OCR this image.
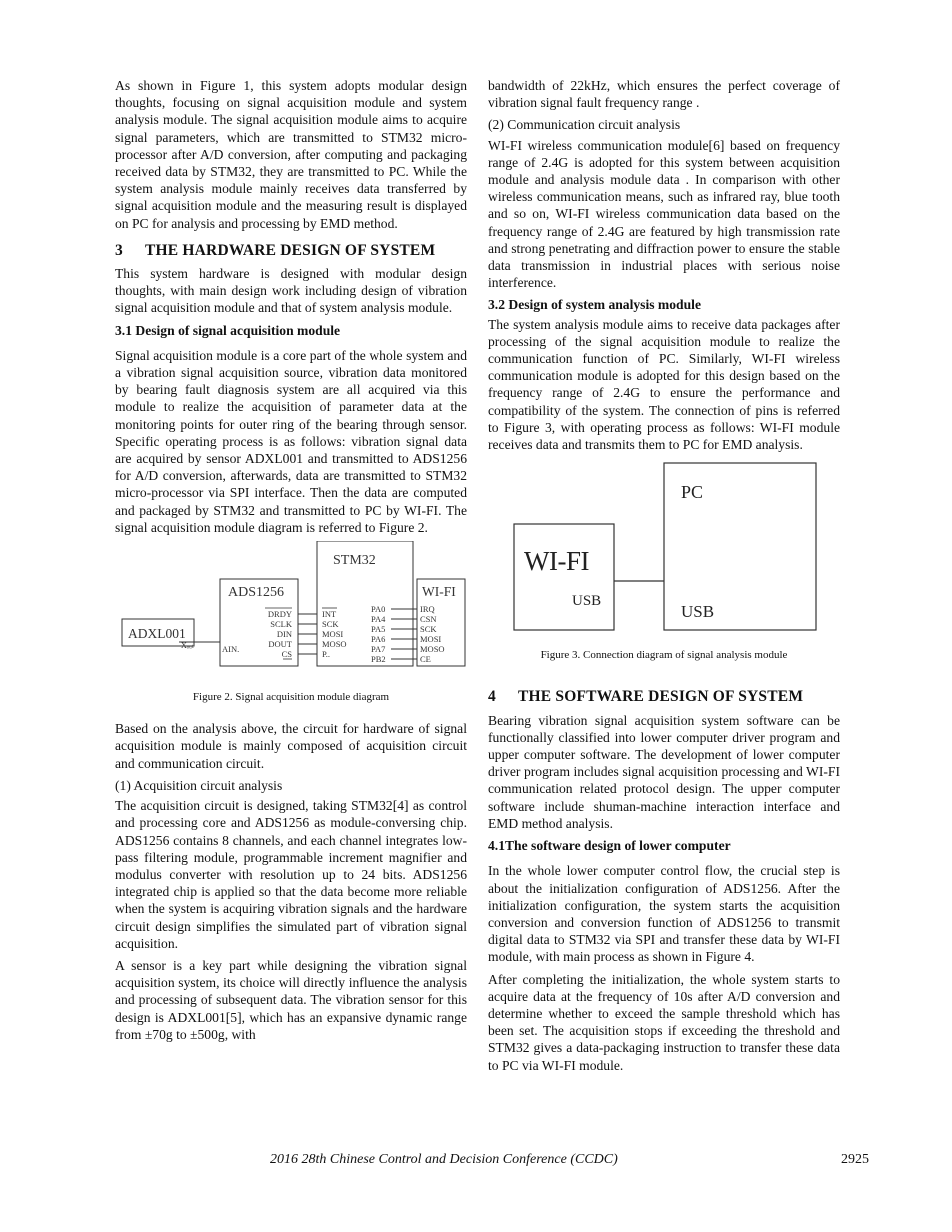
As shown in Figure 1, this system adopts modular design thoughts, focusing on signal acquisition module and system analysis module. The signal acquisition module aims to acquire signal parameters, which are transmitted to STM32 micro-processor after A/D conversion, after computing and packaging received data by STM32, they are transmitted to PC. While the system analysis module mainly receives data transferred by signal acquisition module and the measuring result is displayed on PC for analysis and processing by EMD method.

3 THE HARDWARE DESIGN OF SYSTEM

This system hardware is designed with modular design thoughts, with main design work including design of vibration signal acquisition module and that of system analysis module.

3.1 Design of signal acquisition module

Signal acquisition module is a core part of the whole system and a vibration signal acquisition source, vibration data monitored by bearing fault diagnosis system are all acquired via this module to realize the acquisition of parameter data at the monitoring points for outer ring of the bearing through sensor. Specific operating process is as follows: vibration signal data are acquired by sensor ADXL001 and transmitted to ADS1256 for A/D conversion, afterwards, data are transmitted to STM32 micro-processor via SPI interface. Then the data are computed and packaged by STM32 and transmitted to PC by WI-FI. The signal acquisition module diagram is referred to Figure 2.

STM32
ADS1256	WI-FI
ADXL001
Xₒᵤₜ	AIN.
DRDY
SCLK
DIN
DOUT
CS
INT
SCK
MOSI
MOSO
P..
PA0
PA4
PA5
PA6
PA7
PB2
IRQ
CSN
SCK
MOSI
MOSO
CE
Figure 2. Signal acquisition module diagram

Based on the analysis above, the circuit for hardware of signal acquisition module is mainly composed of acquisition circuit and communication circuit.

(1) Acquisition circuit analysis

The acquisition circuit is designed, taking STM32[4] as control and processing core and ADS1256 as module-conversing chip. ADS1256 contains 8 channels, and each channel integrates low-pass filtering module, programmable increment magnifier and modulus converter with resolution up to 24 bits. ADS1256 integrated chip is applied so that the data become more reliable when the system is acquiring vibration signals and the hardware circuit design simplifies the simulated part of vibration signal acquisition.

A sensor is a key part while designing the vibration signal acquisition system, its choice will directly influence the analysis and processing of subsequent data. The vibration sensor for this design is ADXL001[5], which has an expansive dynamic range from ±70g to ±500g, with

bandwidth of 22kHz, which ensures the perfect coverage of vibration signal fault frequency range .

(2) Communication circuit analysis

WI-FI wireless communication module[6] based on frequency range of 2.4G is adopted for this system between acquisition module and analysis module data . In comparison with other wireless communication means, such as infrared ray, blue tooth and so on, WI-FI wireless communication data based on the frequency range of 2.4G are featured by high transmission rate and strong penetrating and diffraction power to ensure the stable data transmission in industrial places with serious noise interference.

3.2 Design of system analysis module

The system analysis module aims to receive data packages after processing of the signal acquisition module to realize the communication function of PC. Similarly, WI-FI wireless communication module is adopted for this design based on the frequency range of 2.4G to ensure the performance and compatibility of the system. The connection of pins is referred to Figure 3, with operating process as follows: WI-FI module receives data and transmits them to PC for EMD analysis.

PC
WI-FI
USB
USB
Figure 3. Connection diagram of signal analysis module
4 THE SOFTWARE DESIGN OF SYSTEM

Bearing vibration signal acquisition system software can be functionally classified into lower computer driver program and upper computer software. The development of lower computer driver program includes signal acquisition processing and WI-FI communication related protocol design. The upper computer software include shuman-machine interaction interface and EMD method analysis.

4.1The software design of lower computer

In the whole lower computer control flow, the crucial step is about the initialization configuration of ADS1256. After the initialization configuration, the system starts the acquisition conversion and conversion function of ADS1256 to transmit digital data to STM32 via SPI and transfer these data by WI-FI module, with main process as shown in Figure 4.

After completing the initialization, the whole system starts to acquire data at the frequency of 10s after A/D conversion and determine whether to exceed the sample threshold which has been set. The acquisition stops if exceeding the threshold and STM32 gives a data-packaging instruction to transfer these data to PC via WI-FI module.

2016 28th Chinese Control and Decision Conference (CCDC)	2925
